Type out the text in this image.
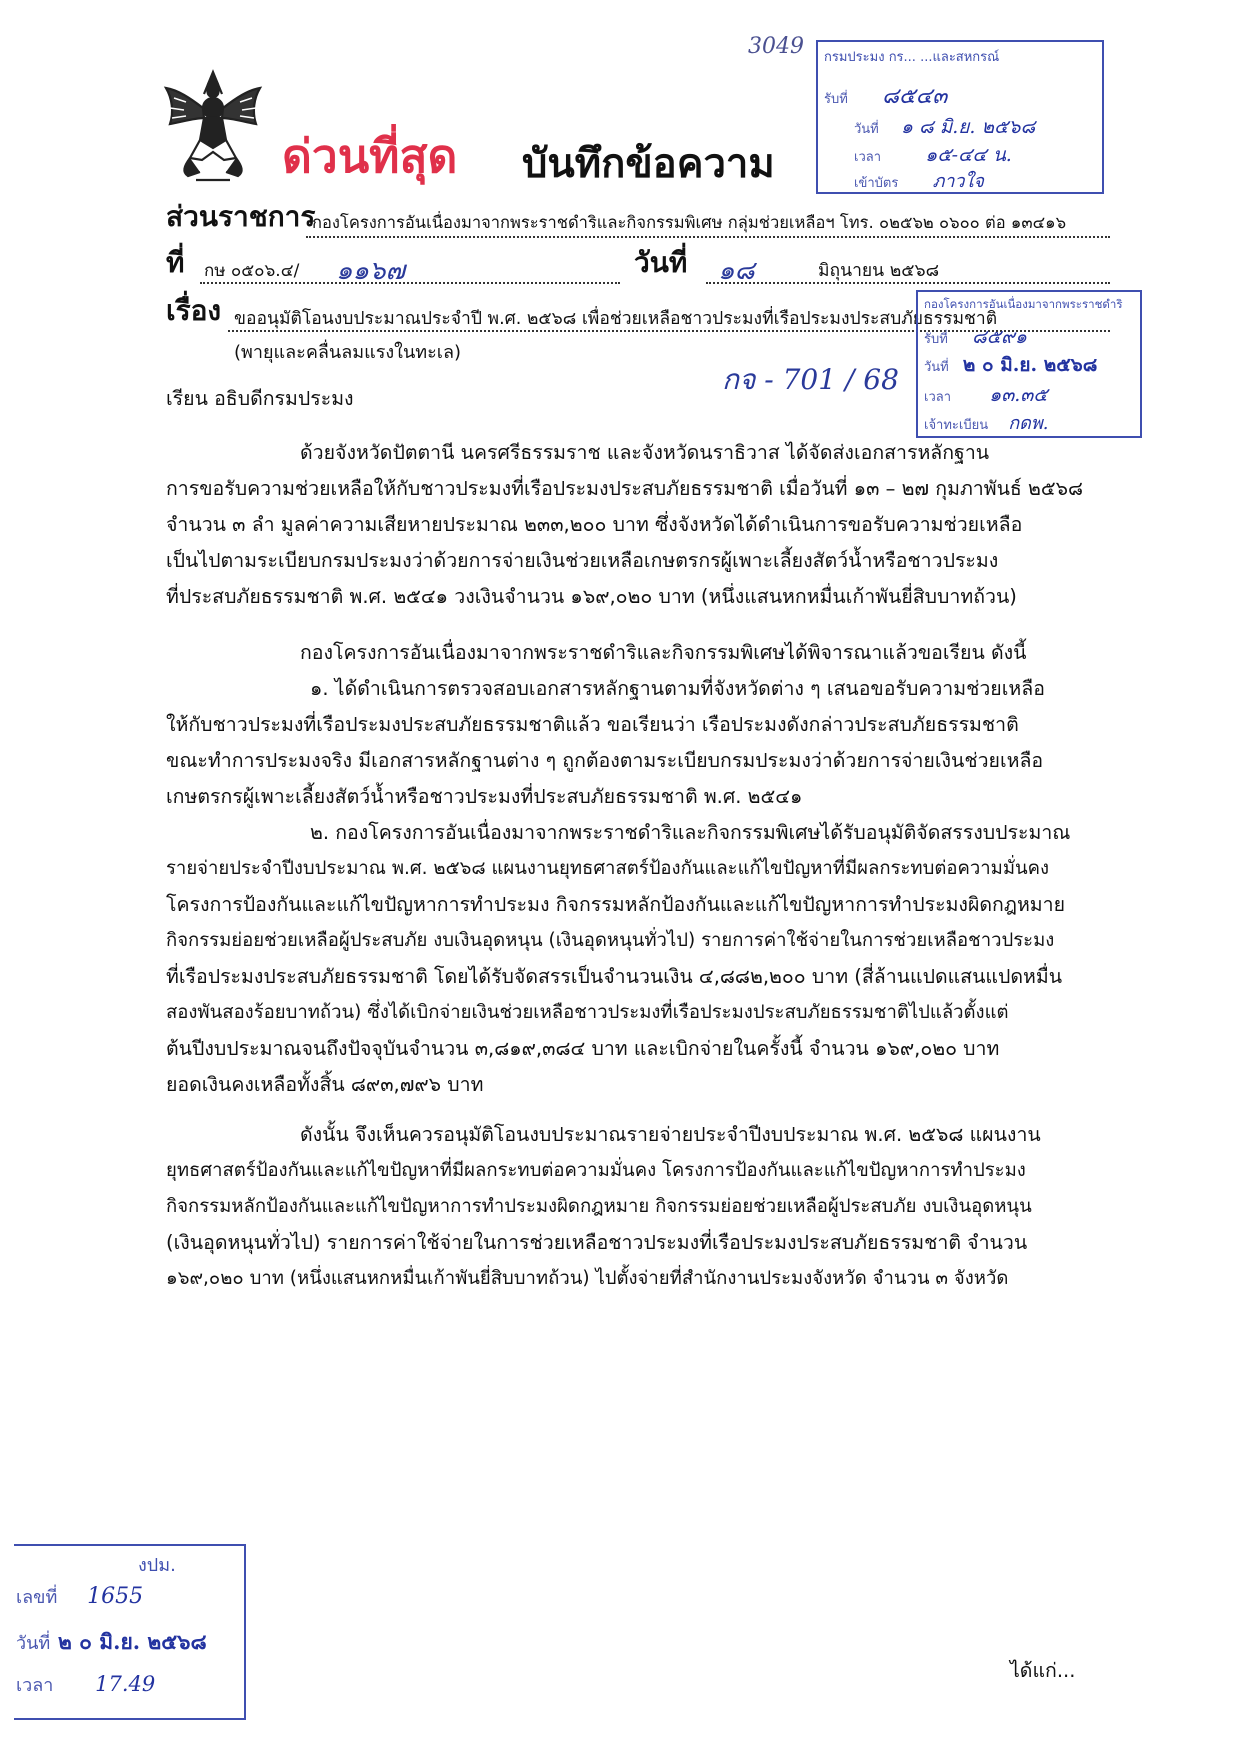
ด่วนที่สุด บันทึกข้อความ
3049 กรมประมง กร... ...และสหกรณ์
รับที่ ๘๕๔๓
วันที่ ๑ ๘ มิ.ย. ๒๕๖๘
เวลา ๑๕-๔๔ น.
เข้าบัตร ภาวใจ
ส่วนราชการ
กองโครงการอันเนื่องมาจากพระราชดำริและกิจกรรมพิเศษ กลุ่มช่วยเหลือฯ โทร. ๐๒๕๖๒ ๐๖๐๐ ต่อ ๑๓๔๑๖
ที่ กษ ๐๕๐๖.๔/ ๑๑๖๗	วันที่ ๑๘	มิถุนายน ๒๕๖๘
เรื่อง ขออนุมัติโอนงบประมาณประจำปี พ.ศ. ๒๕๖๘ เพื่อช่วยเหลือชาวประมงที่เรือประมงประสบภัยธรรมชาติ
(พายุและคลื่นลมแรงในทะเล)
กองโครงการอันเนื่องมาจากพระราชดำริ
รับที่ ๘๕๙๑
วันที่ ๒ ๐ มิ.ย. ๒๕๖๘
เวลา ๑๓.๓๕
เจ้าทะเบียน กดพ.
กจ - 701 / 68
เรียน อธิบดีกรมประมง
ด้วยจังหวัดปัตตานี นครศรีธรรมราช และจังหวัดนราธิวาส ได้จัดส่งเอกสารหลักฐาน
การขอรับความช่วยเหลือให้กับชาวประมงที่เรือประมงประสบภัยธรรมชาติ เมื่อวันที่ ๑๓ – ๒๗ กุมภาพันธ์ ๒๕๖๘
จำนวน ๓ ลำ มูลค่าความเสียหายประมาณ ๒๓๓,๒๐๐ บาท ซึ่งจังหวัดได้ดำเนินการขอรับความช่วยเหลือ
เป็นไปตามระเบียบกรมประมงว่าด้วยการจ่ายเงินช่วยเหลือเกษตรกรผู้เพาะเลี้ยงสัตว์น้ำหรือชาวประมง
ที่ประสบภัยธรรมชาติ พ.ศ. ๒๕๔๑ วงเงินจำนวน ๑๖๙,๐๒๐ บาท (หนึ่งแสนหกหมื่นเก้าพันยี่สิบบาทถ้วน)
กองโครงการอันเนื่องมาจากพระราชดำริและกิจกรรมพิเศษได้พิจารณาแล้วขอเรียน ดังนี้
๑. ได้ดำเนินการตรวจสอบเอกสารหลักฐานตามที่จังหวัดต่าง ๆ เสนอขอรับความช่วยเหลือ
ให้กับชาวประมงที่เรือประมงประสบภัยธรรมชาติแล้ว ขอเรียนว่า เรือประมงดังกล่าวประสบภัยธรรมชาติ
ขณะทำการประมงจริง มีเอกสารหลักฐานต่าง ๆ ถูกต้องตามระเบียบกรมประมงว่าด้วยการจ่ายเงินช่วยเหลือ
เกษตรกรผู้เพาะเลี้ยงสัตว์น้ำหรือชาวประมงที่ประสบภัยธรรมชาติ พ.ศ. ๒๕๔๑
๒. กองโครงการอันเนื่องมาจากพระราชดำริและกิจกรรมพิเศษได้รับอนุมัติจัดสรรงบประมาณ
รายจ่ายประจำปีงบประมาณ พ.ศ. ๒๕๖๘ แผนงานยุทธศาสตร์ป้องกันและแก้ไขปัญหาที่มีผลกระทบต่อความมั่นคง
โครงการป้องกันและแก้ไขปัญหาการทำประมง กิจกรรมหลักป้องกันและแก้ไขปัญหาการทำประมงผิดกฎหมาย
กิจกรรมย่อยช่วยเหลือผู้ประสบภัย งบเงินอุดหนุน (เงินอุดหนุนทั่วไป) รายการค่าใช้จ่ายในการช่วยเหลือชาวประมง
ที่เรือประมงประสบภัยธรรมชาติ โดยได้รับจัดสรรเป็นจำนวนเงิน ๔,๘๘๒,๒๐๐ บาท (สี่ล้านแปดแสนแปดหมื่น
สองพันสองร้อยบาทถ้วน) ซึ่งได้เบิกจ่ายเงินช่วยเหลือชาวประมงที่เรือประมงประสบภัยธรรมชาติไปแล้วตั้งแต่
ต้นปีงบประมาณจนถึงปัจจุบันจำนวน ๓,๘๑๙,๓๘๔ บาท และเบิกจ่ายในครั้งนี้ จำนวน ๑๖๙,๐๒๐ บาท
ยอดเงินคงเหลือทั้งสิ้น ๘๙๓,๗๙๖ บาท
ดังนั้น จึงเห็นควรอนุมัติโอนงบประมาณรายจ่ายประจำปีงบประมาณ พ.ศ. ๒๕๖๘ แผนงาน
ยุทธศาสตร์ป้องกันและแก้ไขปัญหาที่มีผลกระทบต่อความมั่นคง โครงการป้องกันและแก้ไขปัญหาการทำประมง
กิจกรรมหลักป้องกันและแก้ไขปัญหาการทำประมงผิดกฎหมาย กิจกรรมย่อยช่วยเหลือผู้ประสบภัย งบเงินอุดหนุน
(เงินอุดหนุนทั่วไป) รายการค่าใช้จ่ายในการช่วยเหลือชาวประมงที่เรือประมงประสบภัยธรรมชาติ จำนวน
๑๖๙,๐๒๐ บาท (หนึ่งแสนหกหมื่นเก้าพันยี่สิบบาทถ้วน) ไปตั้งจ่ายที่สำนักงานประมงจังหวัด จำนวน ๓ จังหวัด
งปม.
เลขที่ 1655
วันที่ ๒ ๐ มิ.ย. ๒๕๖๘
เวลา 17.49
ได้แก่...
